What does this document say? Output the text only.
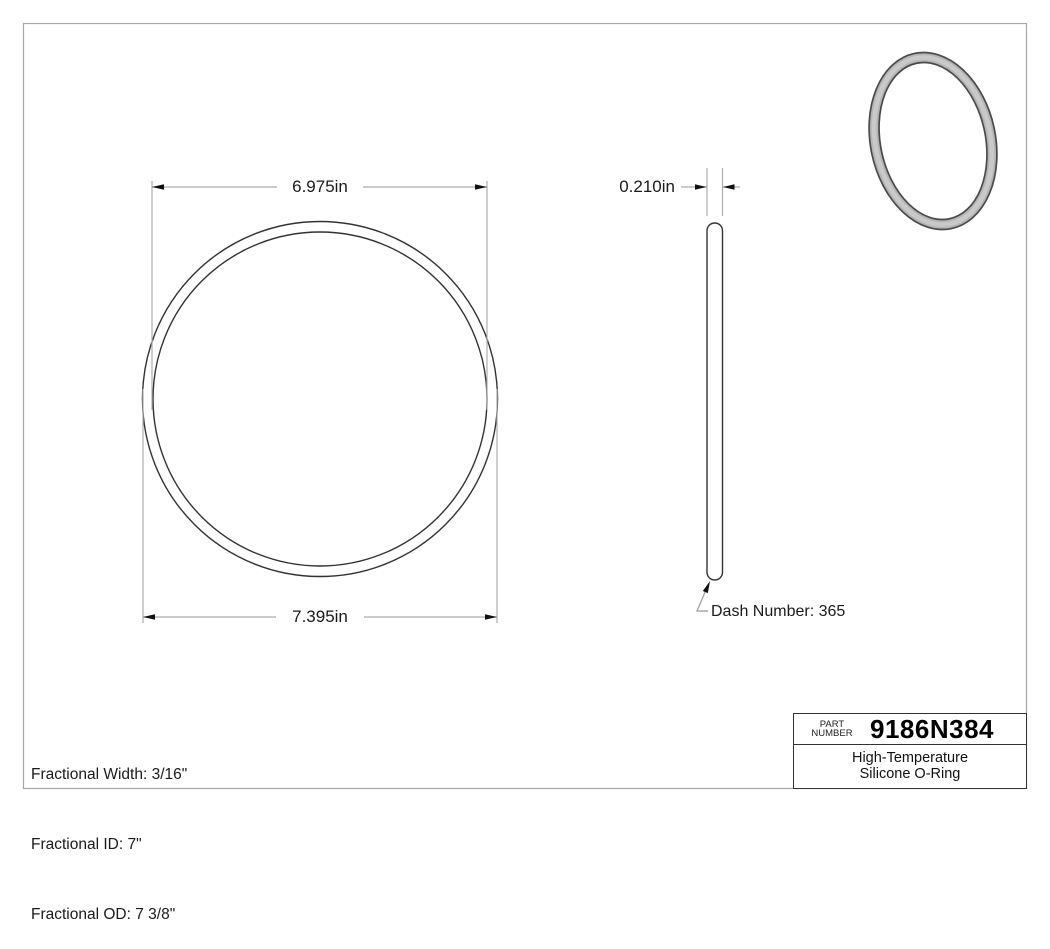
6.975in
7.395in
0.210in
Dash Number: 365

Fractional Width: 3/16"

Fractional ID: 7"

Fractional OD: 7 3/8"

PART
NUMBER 9186N384
High-Temperature
Silicone O-Ring
